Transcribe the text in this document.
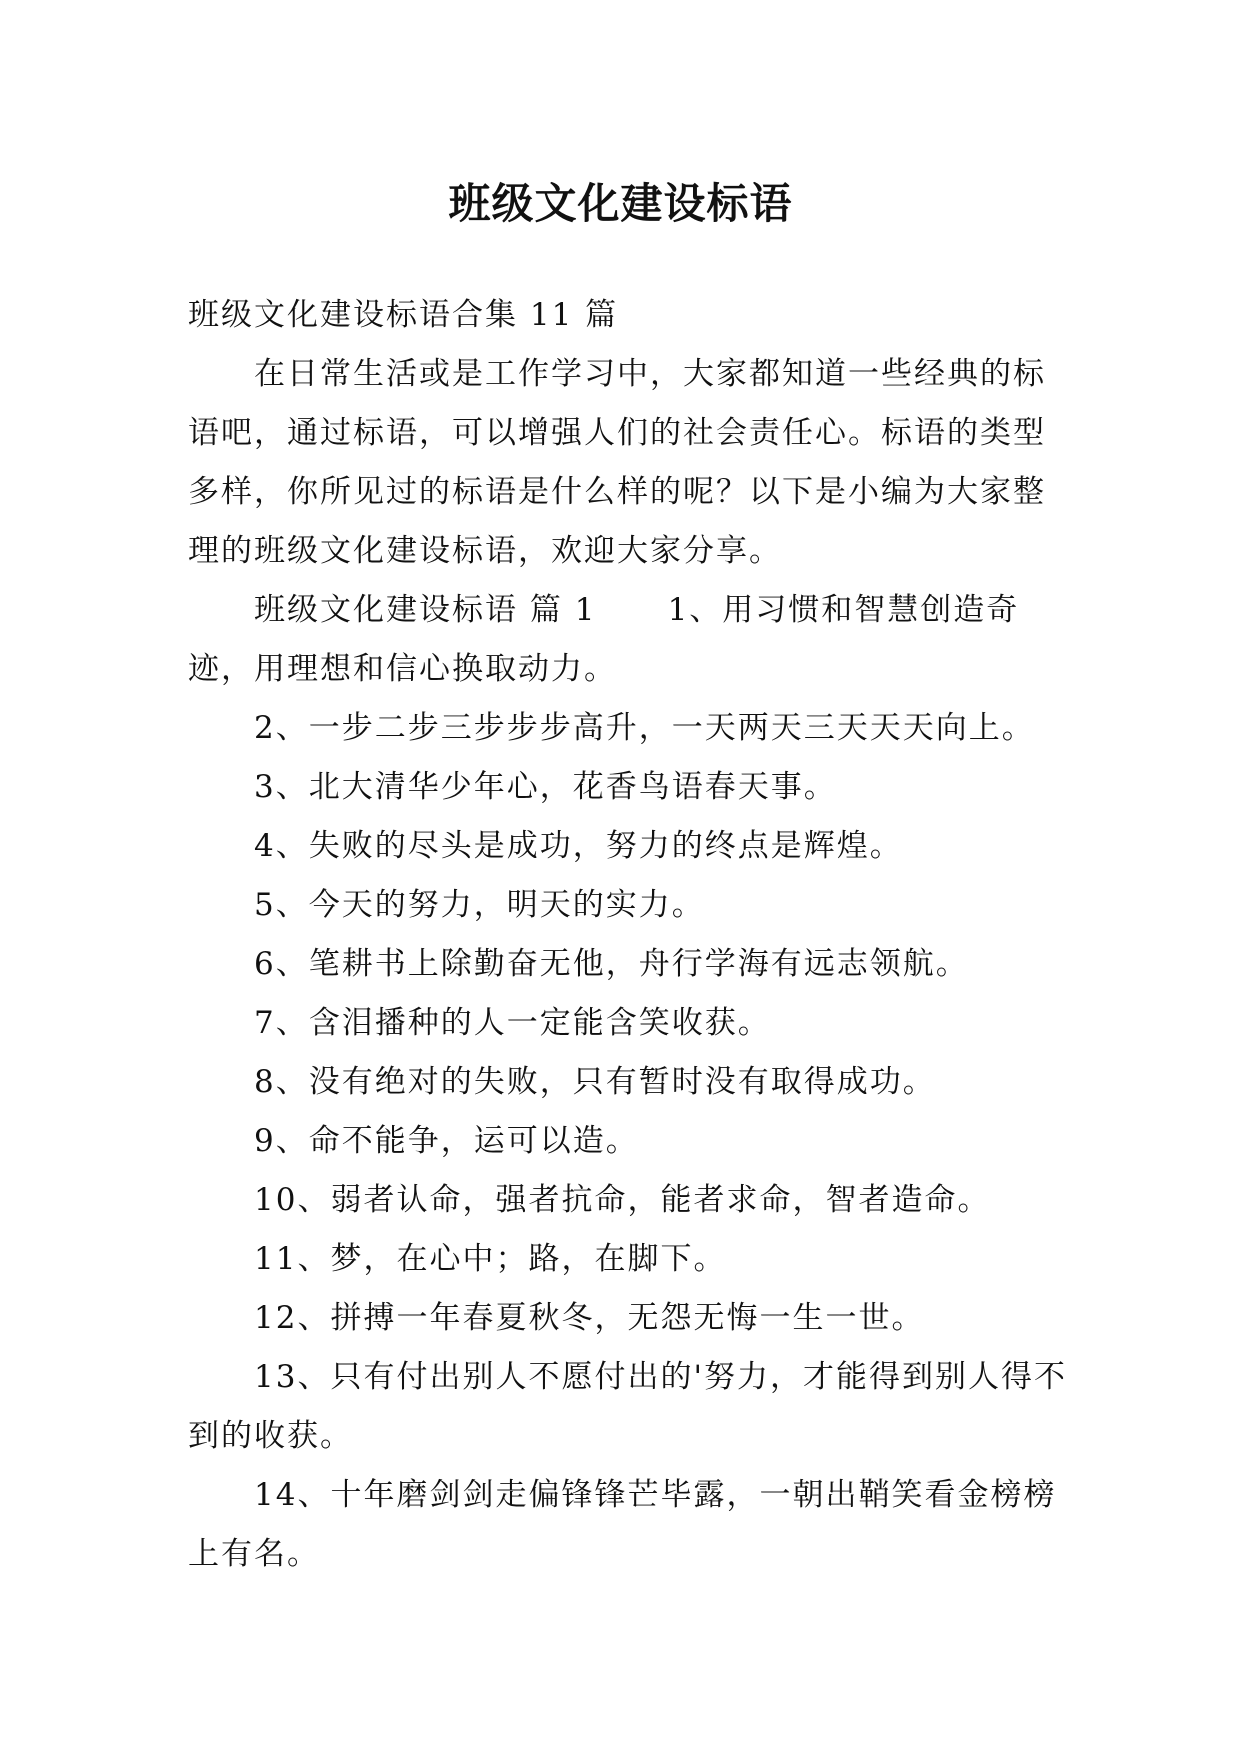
班级文化建设标语

班级文化建设标语合集 11 篇

在日常生活或是工作学习中，大家都知道一些经典的标语吧，通过标语，可以增强人们的社会责任心。标语的类型多样，你所见过的标语是什么样的呢？以下是小编为大家整理的班级文化建设标语，欢迎大家分享。

班级文化建设标语 篇 1 1、用习惯和智慧创造奇迹，用理想和信心换取动力。

2、一步二步三步步步高升，一天两天三天天天向上。

3、北大清华少年心，花香鸟语春天事。

4、失败的尽头是成功，努力的终点是辉煌。

5、今天的努力，明天的实力。

6、笔耕书上除勤奋无他，舟行学海有远志领航。

7、含泪播种的人一定能含笑收获。

8、没有绝对的失败，只有暂时没有取得成功。

9、命不能争，运可以造。

10、弱者认命，强者抗命，能者求命，智者造命。

11、梦，在心中；路，在脚下。

12、拼搏一年春夏秋冬，无怨无悔一生一世。

13、只有付出别人不愿付出的'努力，才能得到别人得不到的收获。

14、十年磨剑剑走偏锋锋芒毕露，一朝出鞘笑看金榜榜上有名。
